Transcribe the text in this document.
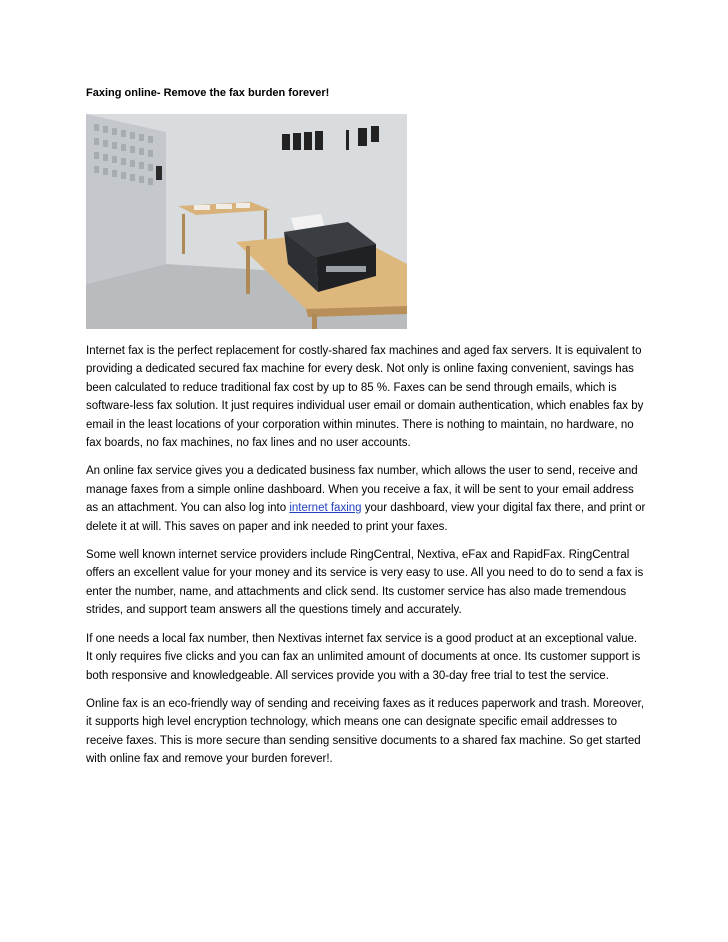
Faxing online- Remove the fax burden forever!

Internet fax is the perfect replacement for costly-shared fax machines and aged fax servers. It is equivalent to providing a dedicated secured fax machine for every desk. Not only is online faxing convenient, savings has been calculated to reduce traditional fax cost by up to 85 %. Faxes can be send through emails, which is software-less fax solution. It just requires individual user email or domain authentication, which enables fax by email in the least locations of your corporation within minutes. There is nothing to maintain, no hardware, no fax boards, no fax machines, no fax lines and no user accounts.

An online fax service gives you a dedicated business fax number, which allows the user to send, receive and manage faxes from a simple online dashboard. When you receive a fax, it will be sent to your email address as an attachment. You can also log into internet faxing your dashboard, view your digital fax there, and print or delete it at will. This saves on paper and ink needed to print your faxes.

Some well known internet service providers include RingCentral, Nextiva, eFax and RapidFax. RingCentral offers an excellent value for your money and its service is very easy to use. All you need to do to send a fax is enter the number, name, and attachments and click send. Its customer service has also made tremendous strides, and support team answers all the questions timely and accurately.

If one needs a local fax number, then Nextivas internet fax service is a good product at an exceptional value. It only requires five clicks and you can fax an unlimited amount of documents at once. Its customer support is both responsive and knowledgeable. All services provide you with a 30-day free trial to test the service.

Online fax is an eco-friendly way of sending and receiving faxes as it reduces paperwork and trash. Moreover, it supports high level encryption technology, which means one can designate specific email addresses to receive faxes. This is more secure than sending sensitive documents to a shared fax machine. So get started with online fax and remove your burden forever!.
